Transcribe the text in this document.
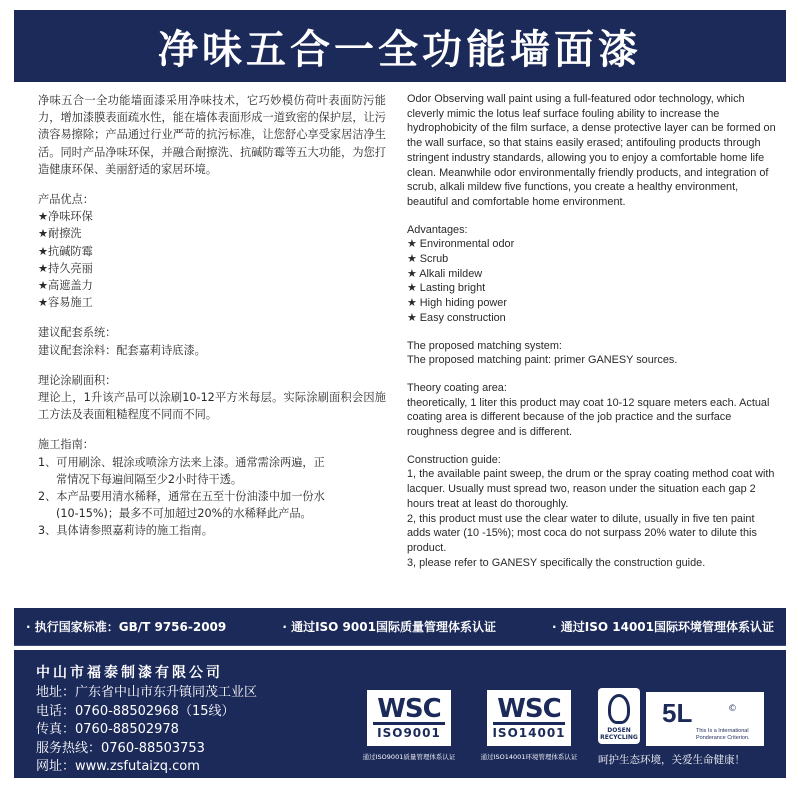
净味五合一全功能墙面漆

净味五合一全功能墙面漆采用净味技术，它巧妙模仿荷叶表面防污能力，增加漆膜表面疏水性，能在墙体表面形成一道致密的保护层，让污渍容易擦除；产品通过行业严苛的抗污标准，让您舒心享受家居洁净生活。同时产品净味环保，并融合耐擦洗、抗碱防霉等五大功能，为您打造健康环保、美丽舒适的家居环境。

产品优点：

★净味环保

★耐擦洗

★抗碱防霉

★持久亮丽

★高遮盖力

★容易施工

建议配套系统：

建议配套涂料：配套嘉莉诗底漆。

理论涂刷面积：

理论上，1升该产品可以涂刷10-12平方米每层。实际涂刷面积会因施工方法及表面粗糙程度不同而不同。

施工指南：

1、可用刷涂、辊涂或喷涂方法来上漆。通常需涂两遍，正

常情况下每遍间隔至少2小时待干透。

2、本产品要用清水稀释，通常在五至十份油漆中加一份水

(10-15%)；最多不可加超过20%的水稀释此产品。

3、具体请参照嘉莉诗的施工指南。

Odor Observing wall paint using a full-featured odor technology, which cleverly mimic the lotus leaf surface fouling ability to increase the hydrophobicity of the film surface, a dense protective layer can be formed on the wall surface, so that stains easily erased; antifouling products through stringent industry standards, allowing you to enjoy a comfortable home life clean. Meanwhile odor environmentally friendly products, and integration of scrub, alkali mildew five functions, you create a healthy environment, beautiful and comfortable home environment.

Advantages:

★ Environmental odor

★ Scrub

★ Alkali mildew

★ Lasting bright

★ High hiding power

★ Easy construction

The proposed matching system:

The proposed matching paint: primer GANESY sources.

Theory coating area:

theoretically, 1 liter this product may coat 10-12 square meters each. Actual coating area is different because of the job practice and the surface roughness degree and is different.

Construction guide:

1, the available paint sweep, the drum or the spray coating method coat with lacquer. Usually must spread two, reason under the situation each gap 2 hours treat at least do thoroughly.

2, this product must use the clear water to dilute, usually in five ten paint adds water (10 -15%); most coca do not surpass 20% water to dilute this product.

3, please refer to GANESY specifically the construction guide.

· 执行国家标准：GB/T 9756-2009	· 通过ISO 9001国际质量管理体系认证	· 通过ISO 14001国际环境管理体系认证
中山市福泰制漆有限公司
地址：广东省中山市东升镇同茂工业区
电话：0760-88502968（15线）
传真：0760-88502978
服务热线：0760-88503753
网址：www.zsfutaizq.com
WSC
ISO9001
通过ISO9001质量管理体系认证
WSC
ISO14001
通过ISO14001环境管理体系认证
DOSEN
RECYCLING
5L	©
This Is a International Ponderance Criterion.
呵护生态环境，关爱生命健康！
